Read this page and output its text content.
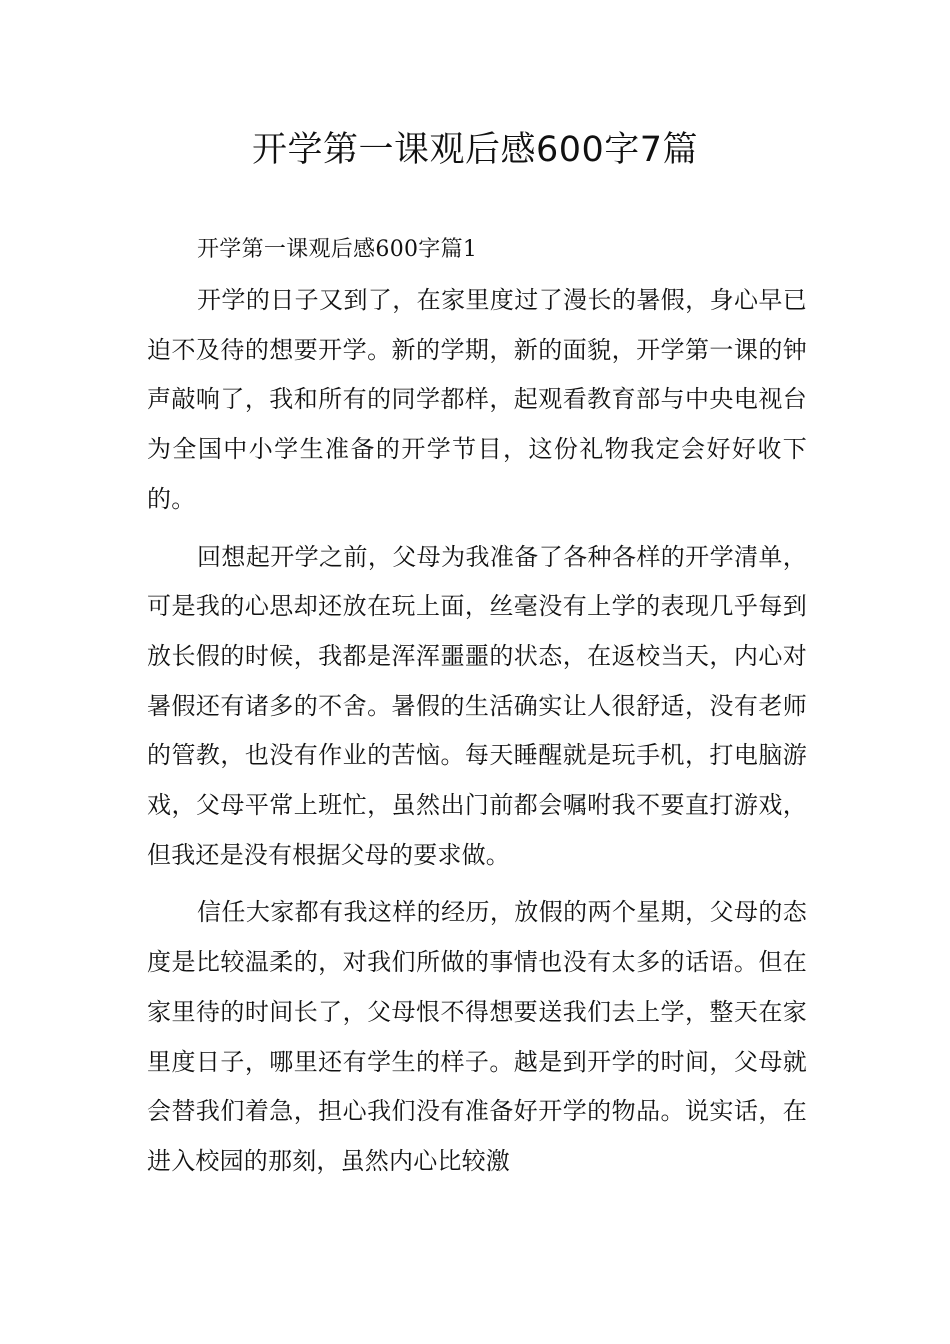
开学第一课观后感600字7篇
开学第一课观后感600字篇1

开学的日子又到了，在家里度过了漫长的暑假，身心早已迫不及待的想要开学。新的学期，新的面貌，开学第一课的钟声敲响了，我和所有的同学都样，起观看教育部与中央电视台为全国中小学生准备的开学节目，这份礼物我定会好好收下的。

回想起开学之前，父母为我准备了各种各样的开学清单，可是我的心思却还放在玩上面，丝毫没有上学的表现几乎每到放长假的时候，我都是浑浑噩噩的状态，在返校当天，内心对暑假还有诸多的不舍。暑假的生活确实让人很舒适，没有老师的管教，也没有作业的苦恼。每天睡醒就是玩手机，打电脑游戏，父母平常上班忙，虽然出门前都会嘱咐我不要直打游戏，但我还是没有根据父母的要求做。

信任大家都有我这样的经历，放假的两个星期，父母的态度是比较温柔的，对我们所做的事情也没有太多的话语。但在家里待的时间长了，父母恨不得想要送我们去上学，整天在家里度日子，哪里还有学生的样子。越是到开学的时间，父母就会替我们着急，担心我们没有准备好开学的物品。说实话，在进入校园的那刻，虽然内心比较激
